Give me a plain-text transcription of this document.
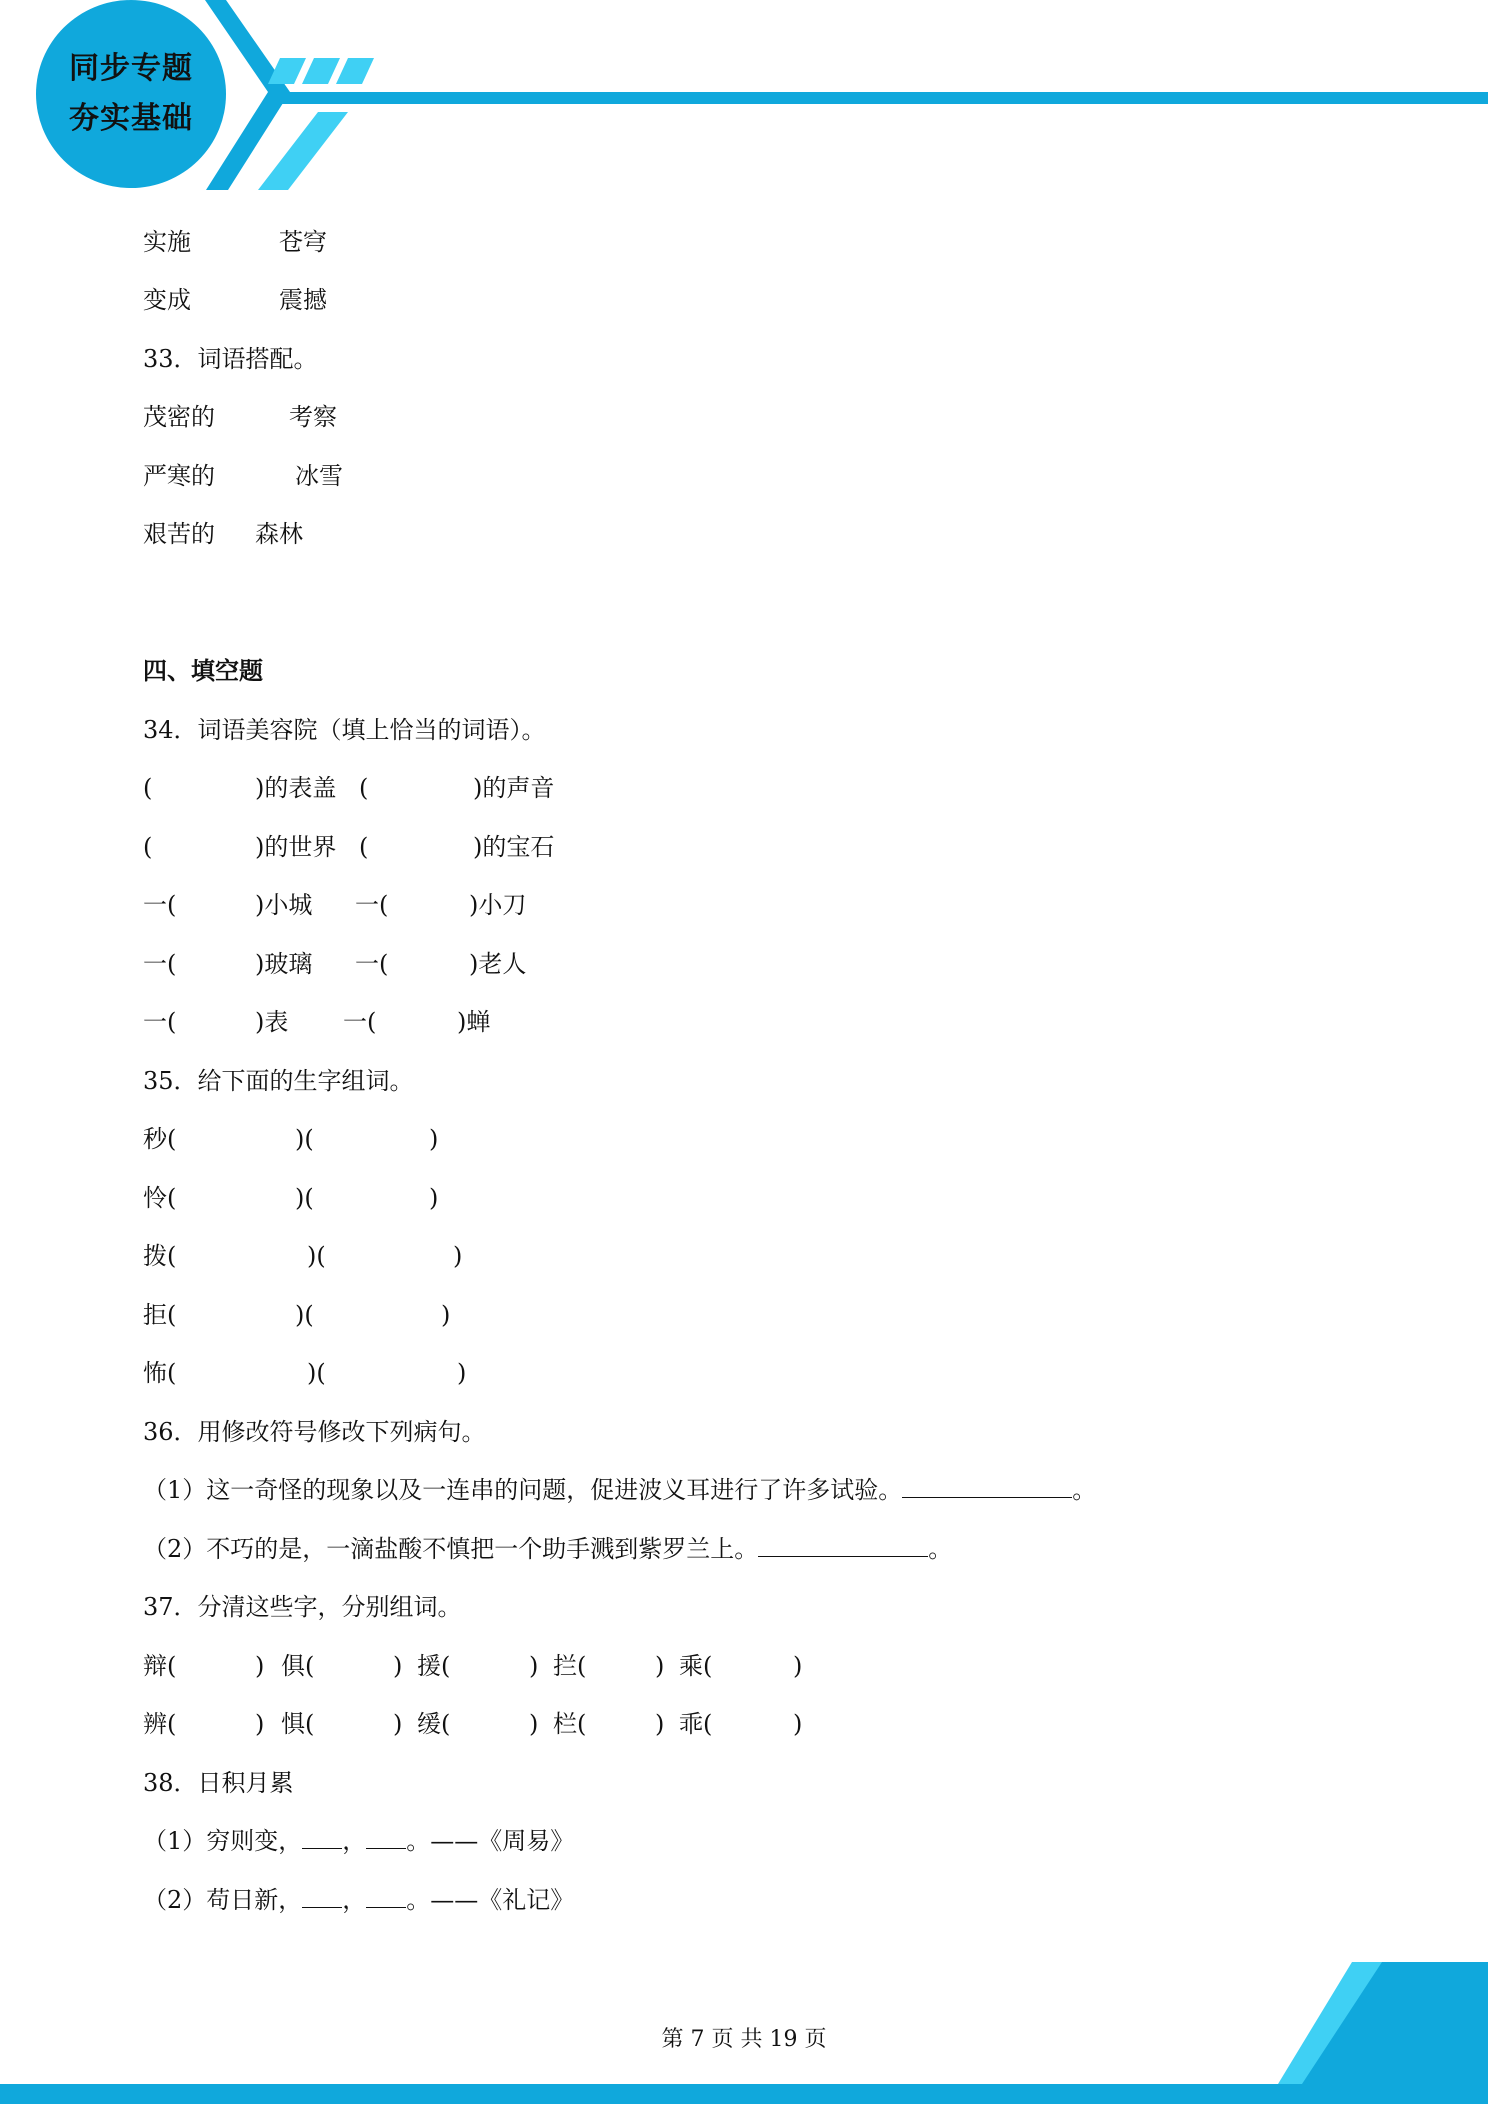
同步专题
夯实基础
实施	苍穹
变成	震撼
33．词语搭配。
茂密的	考察
严寒的	冰雪
艰苦的 森林
四、填空题
34．词语美容院（填上恰当的词语）。
(	)的表盖 (	)的声音
(	)的世界 (	)的宝石
一(	)小城 一(	)小刀
一(	)玻璃 一(	)老人
一(	)表 一(	)蝉
35．给下面的生字组词。
秒(	)(	)
怜(	)(	)
拨(	)(	)
拒(	)(	)
怖(	)(	)
36．用修改符号修改下列病句。
（1）这一奇怪的现象以及一连串的问题，促进波义耳进行了许多试验。	。
（2）不巧的是，一滴盐酸不慎把一个助手溅到紫罗兰上。	。
37．分清这些字，分别组词。
辩(	) 俱(	) 援(	) 拦(	) 乘(	)
辨(	) 惧(	) 缓(	) 栏(	) 乖(	)
38．日积月累
（1）穷则变， ， 。——《周易》
（2）苟日新， ， 。——《礼记》
第 7 页 共 19 页
